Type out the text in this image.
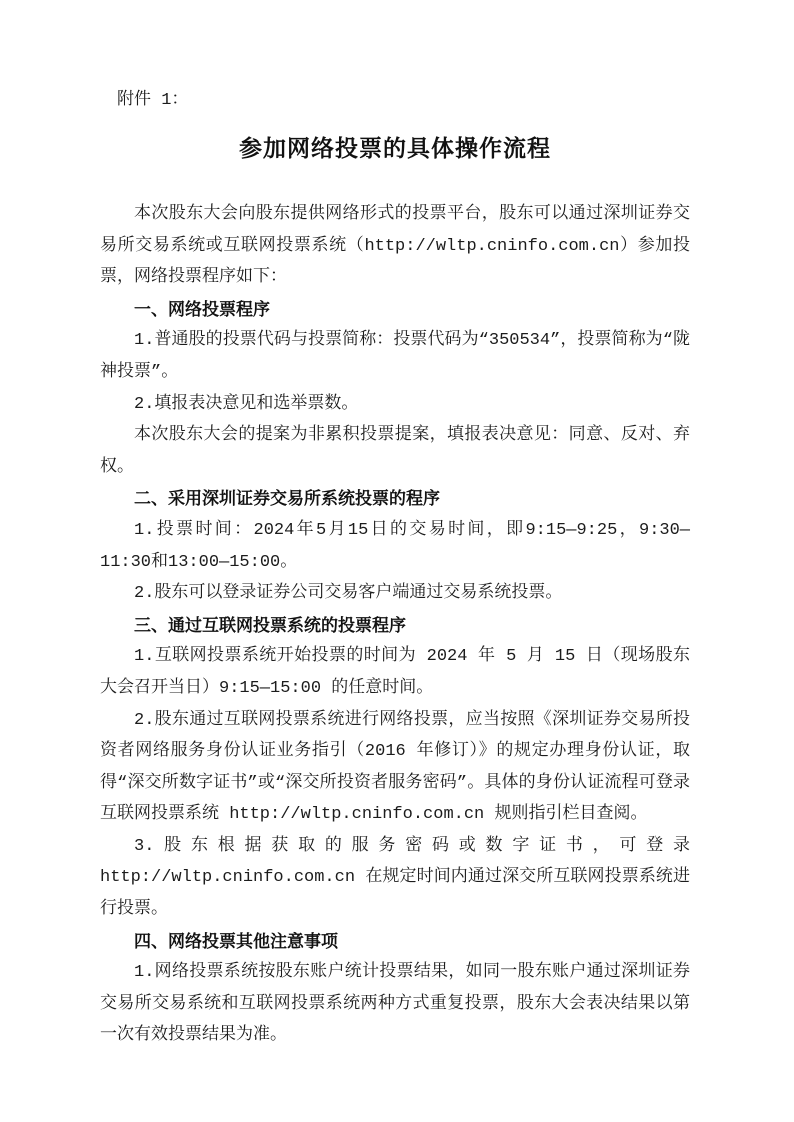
附件 1：

参加网络投票的具体操作流程

本次股东大会向股东提供网络形式的投票平台，股东可以通过深圳证券交易所交易系统或互联网投票系统（http://wltp.cninfo.com.cn）参加投票，网络投票程序如下：

一、网络投票程序

1.普通股的投票代码与投票简称：投票代码为“350534”，投票简称为“陇神投票”。

2.填报表决意见和选举票数。

本次股东大会的提案为非累积投票提案，填报表决意见：同意、反对、弃权。

二、采用深圳证券交易所系统投票的程序

1.投票时间：2024年5月15日的交易时间，即9:15—9:25，9:30—11:30和13:00—15:00。

2.股东可以登录证券公司交易客户端通过交易系统投票。

三、通过互联网投票系统的投票程序

1.互联网投票系统开始投票的时间为 2024 年 5 月 15 日（现场股东大会召开当日）9:15—15:00 的任意时间。

2.股东通过互联网投票系统进行网络投票，应当按照《深圳证券交易所投资者网络服务身份认证业务指引（2016 年修订）》的规定办理身份认证，取得“深交所数字证书”或“深交所投资者服务密码”。具体的身份认证流程可登录互联网投票系统 http://wltp.cninfo.com.cn 规则指引栏目查阅。

3.股东根据获取的服务密码或数字证书，可登录 http://wltp.cninfo.com.cn 在规定时间内通过深交所互联网投票系统进行投票。

四、网络投票其他注意事项

1.网络投票系统按股东账户统计投票结果，如同一股东账户通过深圳证券交易所交易系统和互联网投票系统两种方式重复投票，股东大会表决结果以第一次有效投票结果为准。
